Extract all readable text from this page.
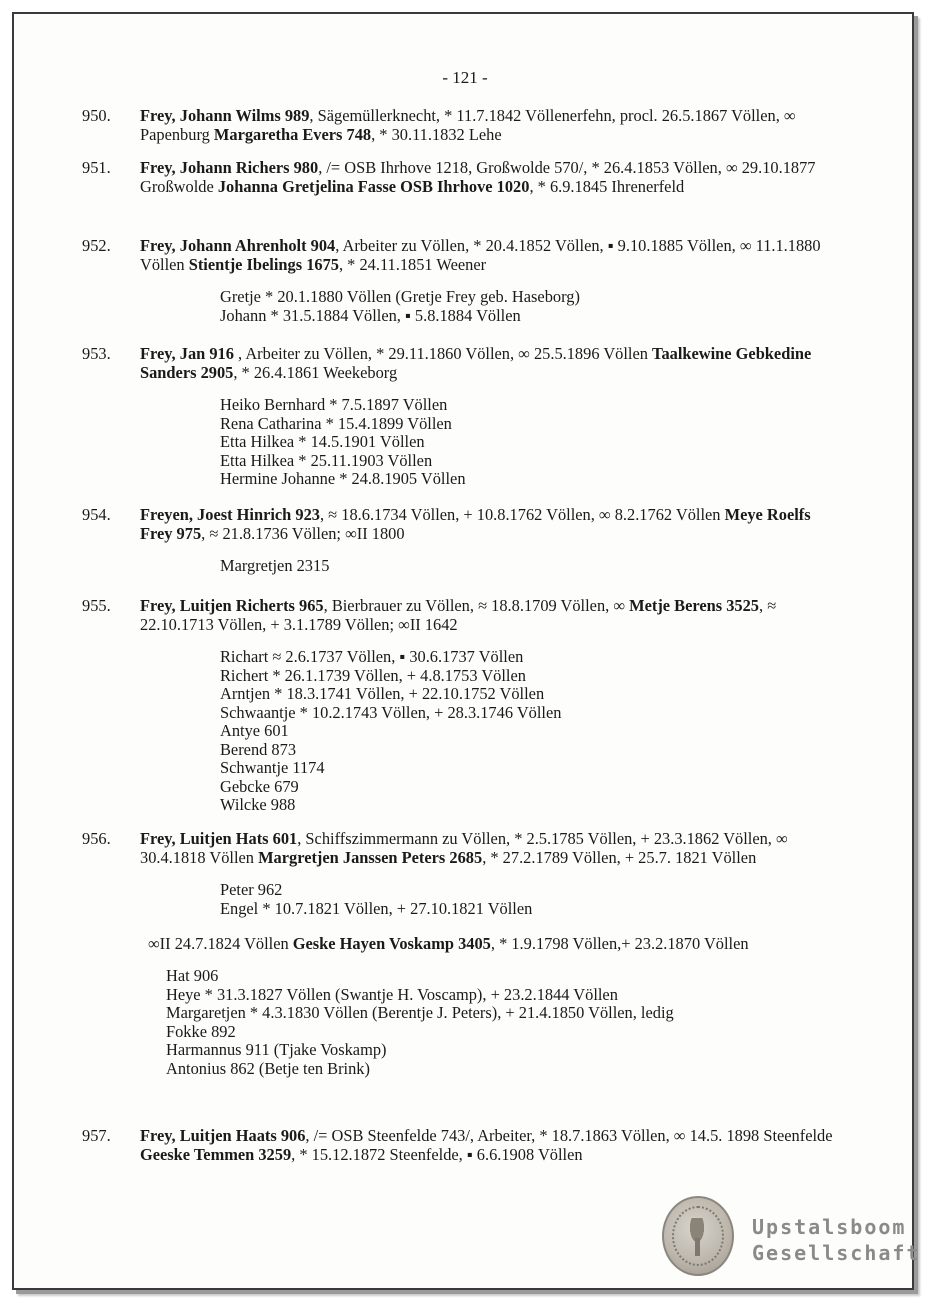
- 121 -
950.	Frey, Johann Wilms 989, Sägemüllerknecht, * 11.7.1842 Völlenerfehn, procl. 26.5.1867 Völlen, ∞ Papenburg Margaretha Evers 748, * 30.11.1832 Lehe
951.	Frey, Johann Richers 980, /= OSB Ihrhove 1218, Großwolde 570/, * 26.4.1853 Völlen, ∞ 29.10.1877 Großwolde Johanna Gretjelina Fasse OSB Ihrhove 1020, * 6.9.1845 Ihrenerfeld
952.	Frey, Johann Ahrenholt 904, Arbeiter zu Völlen, * 20.4.1852 Völlen, ▪ 9.10.1885 Völlen, ∞ 11.1.1880 Völlen Stientje Ibelings 1675, * 24.11.1851 Weener
Gretje * 20.1.1880 Völlen (Gretje Frey geb. Haseborg)
Johann * 31.5.1884 Völlen, ▪ 5.8.1884 Völlen
953.	Frey, Jan 916 , Arbeiter zu Völlen, * 29.11.1860 Völlen, ∞ 25.5.1896 Völlen Taalkewine Gebkedine Sanders 2905, * 26.4.1861 Weekeborg
Heiko Bernhard * 7.5.1897 Völlen
Rena Catharina * 15.4.1899 Völlen
Etta Hilkea * 14.5.1901 Völlen
Etta Hilkea * 25.11.1903 Völlen
Hermine Johanne * 24.8.1905 Völlen
954.	Freyen, Joest Hinrich 923, ≈ 18.6.1734 Völlen, + 10.8.1762 Völlen, ∞ 8.2.1762 Völlen Meye Roelfs Frey 975, ≈ 21.8.1736 Völlen; ∞II 1800
Margretjen 2315
955.	Frey, Luitjen Richerts 965, Bierbrauer zu Völlen, ≈ 18.8.1709 Völlen, ∞ Metje Berens 3525, ≈ 22.10.1713 Völlen, + 3.1.1789 Völlen; ∞II 1642
Richart ≈ 2.6.1737 Völlen, ▪ 30.6.1737 Völlen
Richert * 26.1.1739 Völlen, + 4.8.1753 Völlen
Arntjen * 18.3.1741 Völlen, + 22.10.1752 Völlen
Schwaantje * 10.2.1743 Völlen, + 28.3.1746 Völlen
Antye 601
Berend 873
Schwantje 1174
Gebcke 679
Wilcke 988
956.	Frey, Luitjen Hats 601, Schiffszimmermann zu Völlen, * 2.5.1785 Völlen, + 23.3.1862 Völlen, ∞ 30.4.1818 Völlen Margretjen Janssen Peters 2685, * 27.2.1789 Völlen, + 25.7. 1821 Völlen
Peter 962
Engel * 10.7.1821 Völlen, + 27.10.1821 Völlen
∞II 24.7.1824 Völlen Geske Hayen Voskamp 3405, * 1.9.1798 Völlen,+ 23.2.1870 Völlen
Hat 906
Heye * 31.3.1827 Völlen (Swantje H. Voscamp), + 23.2.1844 Völlen
Margaretjen * 4.3.1830 Völlen (Berentje J. Peters), + 21.4.1850 Völlen, ledig
Fokke 892
Harmannus 911 (Tjake Voskamp)
Antonius 862 (Betje ten Brink)
957.	Frey, Luitjen Haats 906, /= OSB Steenfelde 743/, Arbeiter, * 18.7.1863 Völlen, ∞ 14.5. 1898 Steenfelde Geeske Temmen 3259, * 15.12.1872 Steenfelde, ▪ 6.6.1908 Völlen
Upstalsboom
Gesellschaft
